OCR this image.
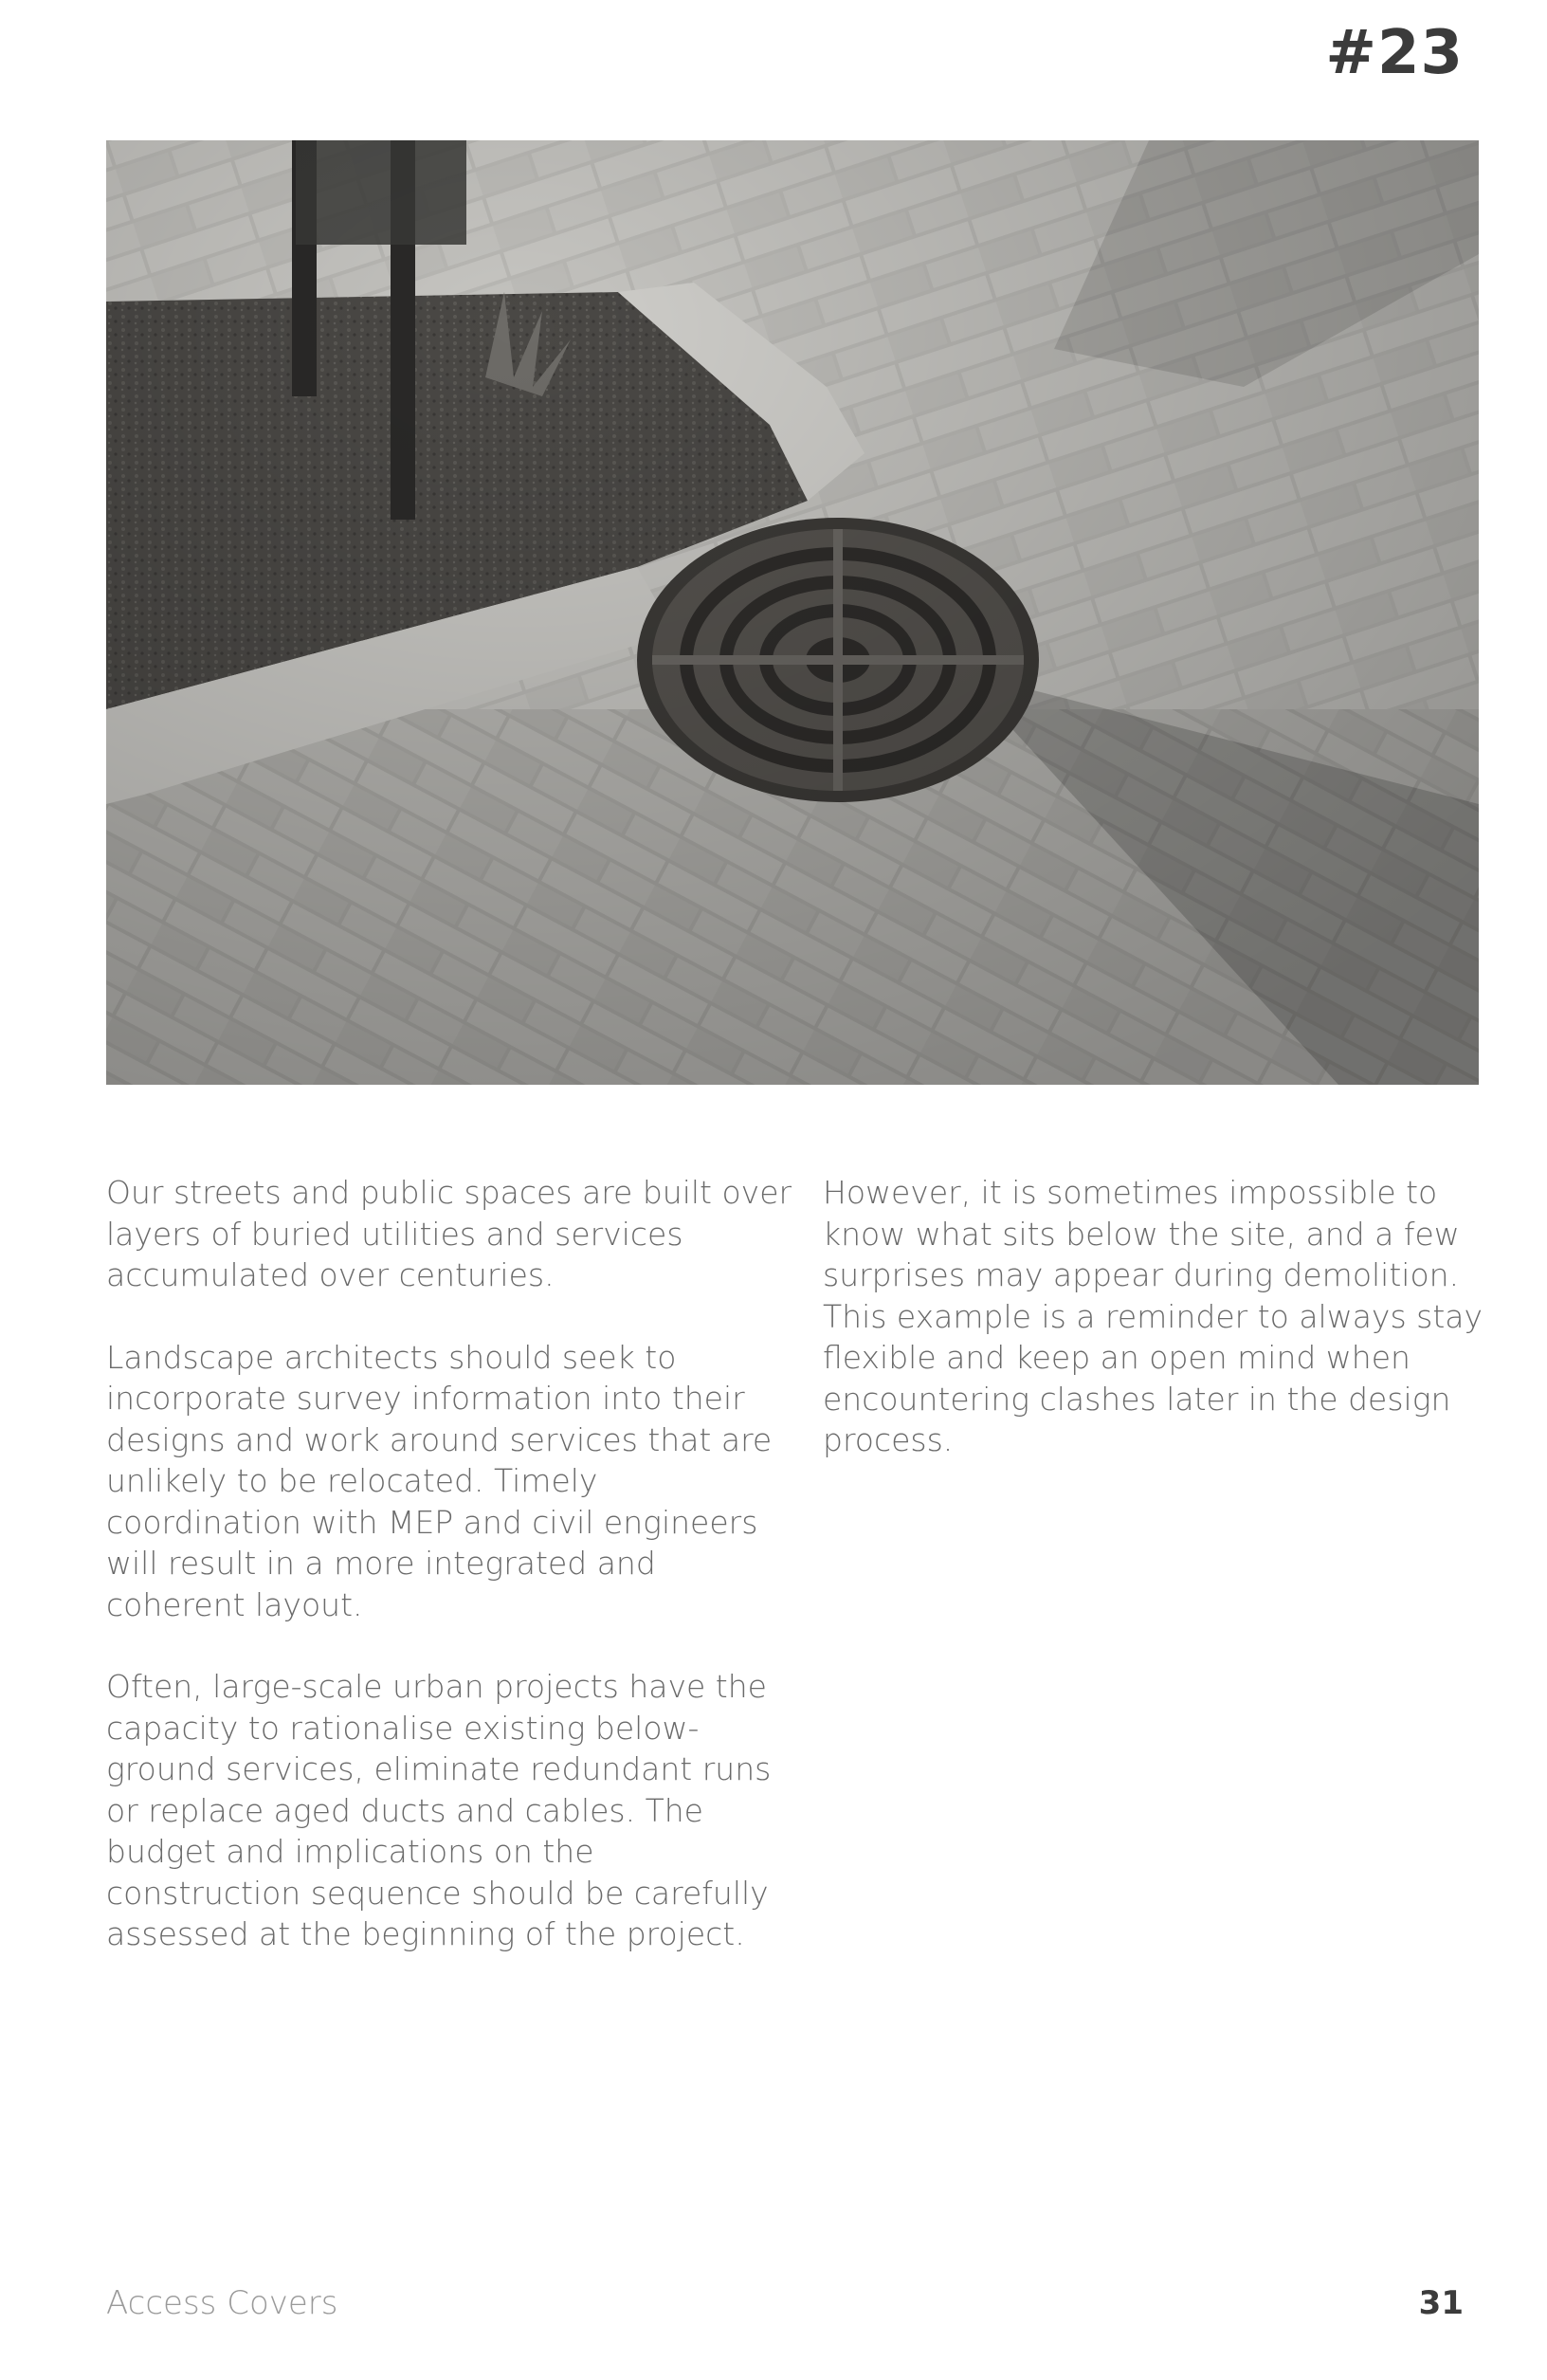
#23

Our streets and public spaces are built over layers of buried utilities and services accumulated over centuries.

Landscape architects should seek to incorporate survey information into their designs and work around services that are unlikely to be relocated. Timely coordination with MEP and civil engineers will result in a more integrated and coherent layout.

Often, large-scale urban projects have the capacity to rationalise existing below-ground services, eliminate redundant runs or replace aged ducts and cables. The budget and implications on the construction sequence should be carefully assessed at the beginning of the project.

However, it is sometimes impossible to know what sits below the site, and a few surprises may appear during demolition. This example is a reminder to always stay flexible and keep an open mind when encountering clashes later in the design process.

Access Covers	31
